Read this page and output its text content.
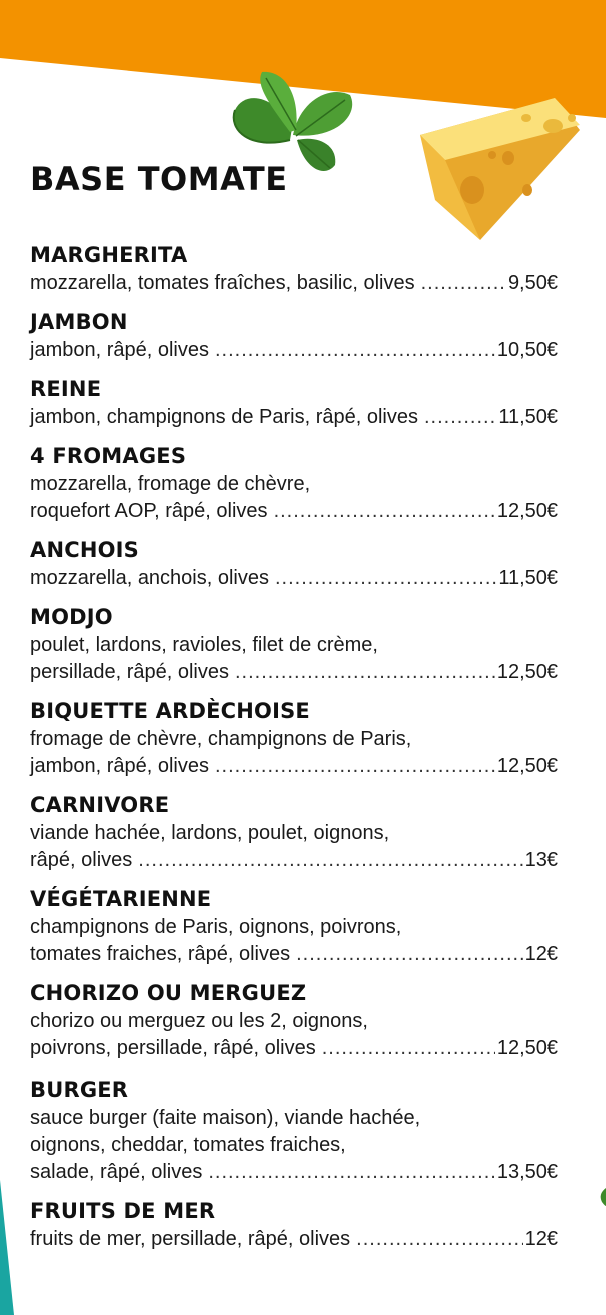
BASE TOMATE
MARGHERITA
mozzarella, tomates fraîches, basilic, olives .....	9,50€
JAMBON
jambon, râpé, olives .....	10,50€
REINE
jambon, champignons de Paris, râpé, olives .....	11,50€
4 FROMAGES
mozzarella, fromage de chèvre,
roquefort AOP, râpé, olives .....	12,50€
ANCHOIS
mozzarella, anchois, olives .....	11,50€
MODJO
poulet, lardons, ravioles, filet de crème,
persillade, râpé, olives .....	12,50€
BIQUETTE ARDÈCHOISE
fromage de chèvre, champignons de Paris,
jambon, râpé, olives .....	12,50€
CARNIVORE
viande hachée, lardons, poulet, oignons,
râpé, olives .....	13€
VÉGÉTARIENNE
champignons de Paris, oignons, poivrons,
tomates fraiches, râpé, olives .....	12€
CHORIZO OU MERGUEZ
chorizo ou merguez ou les 2, oignons,
poivrons, persillade, râpé, olives .....	12,50€
BURGER
sauce burger (faite maison), viande hachée,
oignons, cheddar, tomates fraiches,
salade, râpé, olives .....	13,50€
FRUITS DE MER
fruits de mer, persillade, râpé, olives .....	12€
